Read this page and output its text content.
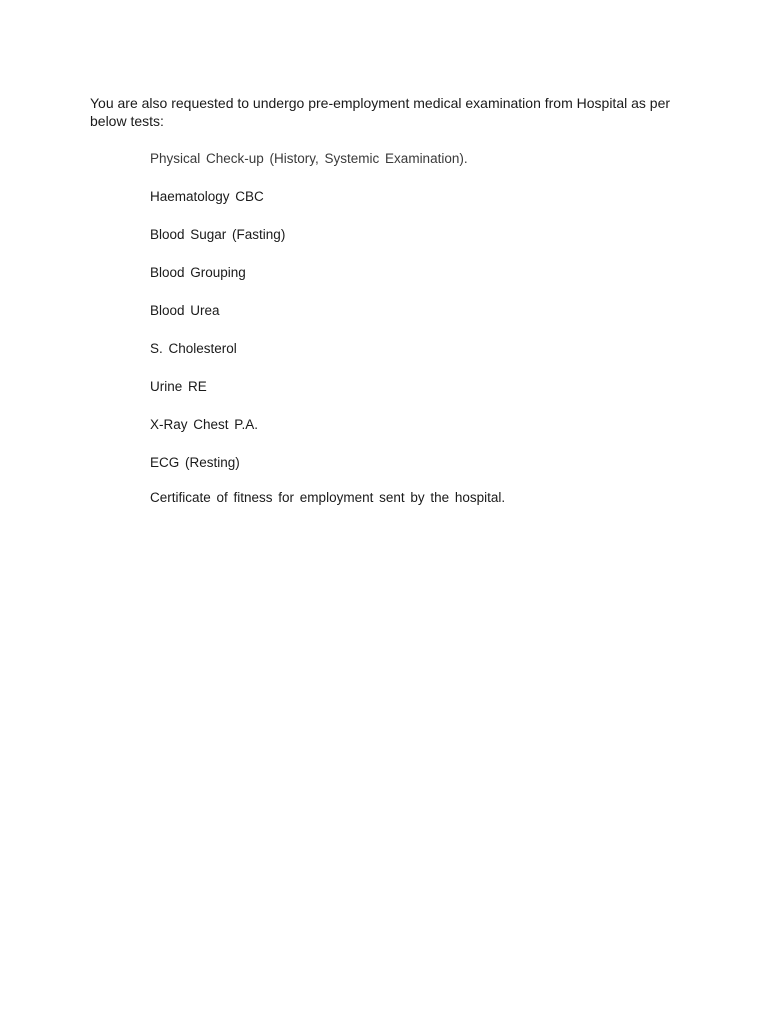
You are also requested to undergo pre-employment medical examination from Hospital as per below tests:

Physical Check-up (History, Systemic Examination).
Haematology CBC
Blood Sugar (Fasting)
Blood Grouping
Blood Urea
S. Cholesterol
Urine RE
X-Ray Chest P.A.
ECG (Resting)

Certificate of fitness for employment sent by the hospital.
